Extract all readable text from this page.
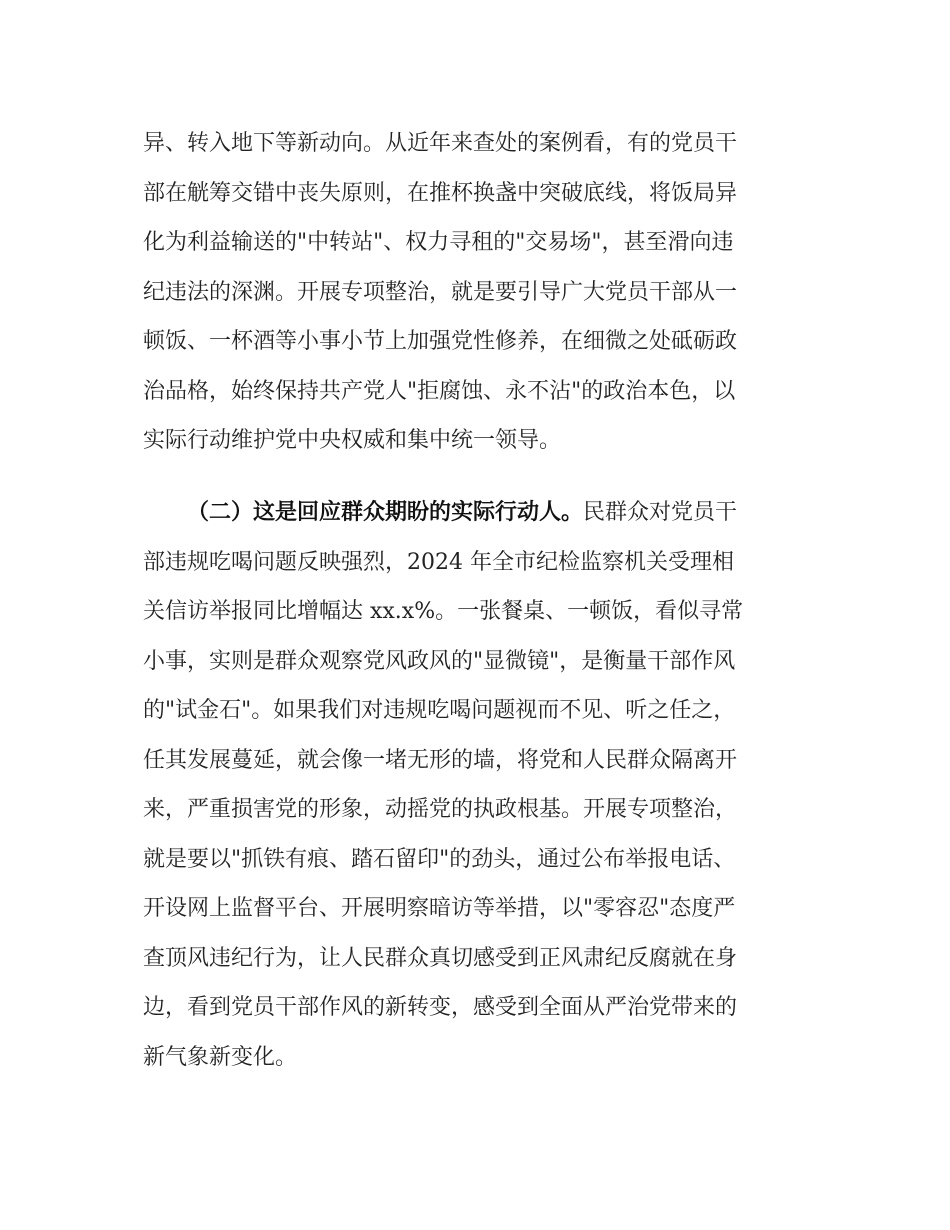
异、转入地下等新动向。从近年来查处的案例看，有的党员干
部在觥筹交错中丧失原则，在推杯换盏中突破底线，将饭局异
化为利益输送的"中转站"、权力寻租的"交易场"，甚至滑向违
纪违法的深渊。开展专项整治，就是要引导广大党员干部从一
顿饭、一杯酒等小事小节上加强党性修养，在细微之处砥砺政
治品格，始终保持共产党人"拒腐蚀、永不沾"的政治本色，以
实际行动维护党中央权威和集中统一领导。
（二）这是回应群众期盼的实际行动人。民群众对党员干
部违规吃喝问题反映强烈，2024 年全市纪检监察机关受理相
关信访举报同比增幅达 xx.x%。一张餐桌、一顿饭，看似寻常
小事，实则是群众观察党风政风的"显微镜"，是衡量干部作风
的"试金石"。如果我们对违规吃喝问题视而不见、听之任之，
任其发展蔓延，就会像一堵无形的墙，将党和人民群众隔离开
来，严重损害党的形象，动摇党的执政根基。开展专项整治，
就是要以"抓铁有痕、踏石留印"的劲头，通过公布举报电话、
开设网上监督平台、开展明察暗访等举措，以"零容忍"态度严
查顶风违纪行为，让人民群众真切感受到正风肃纪反腐就在身
边，看到党员干部作风的新转变，感受到全面从严治党带来的
新气象新变化。
